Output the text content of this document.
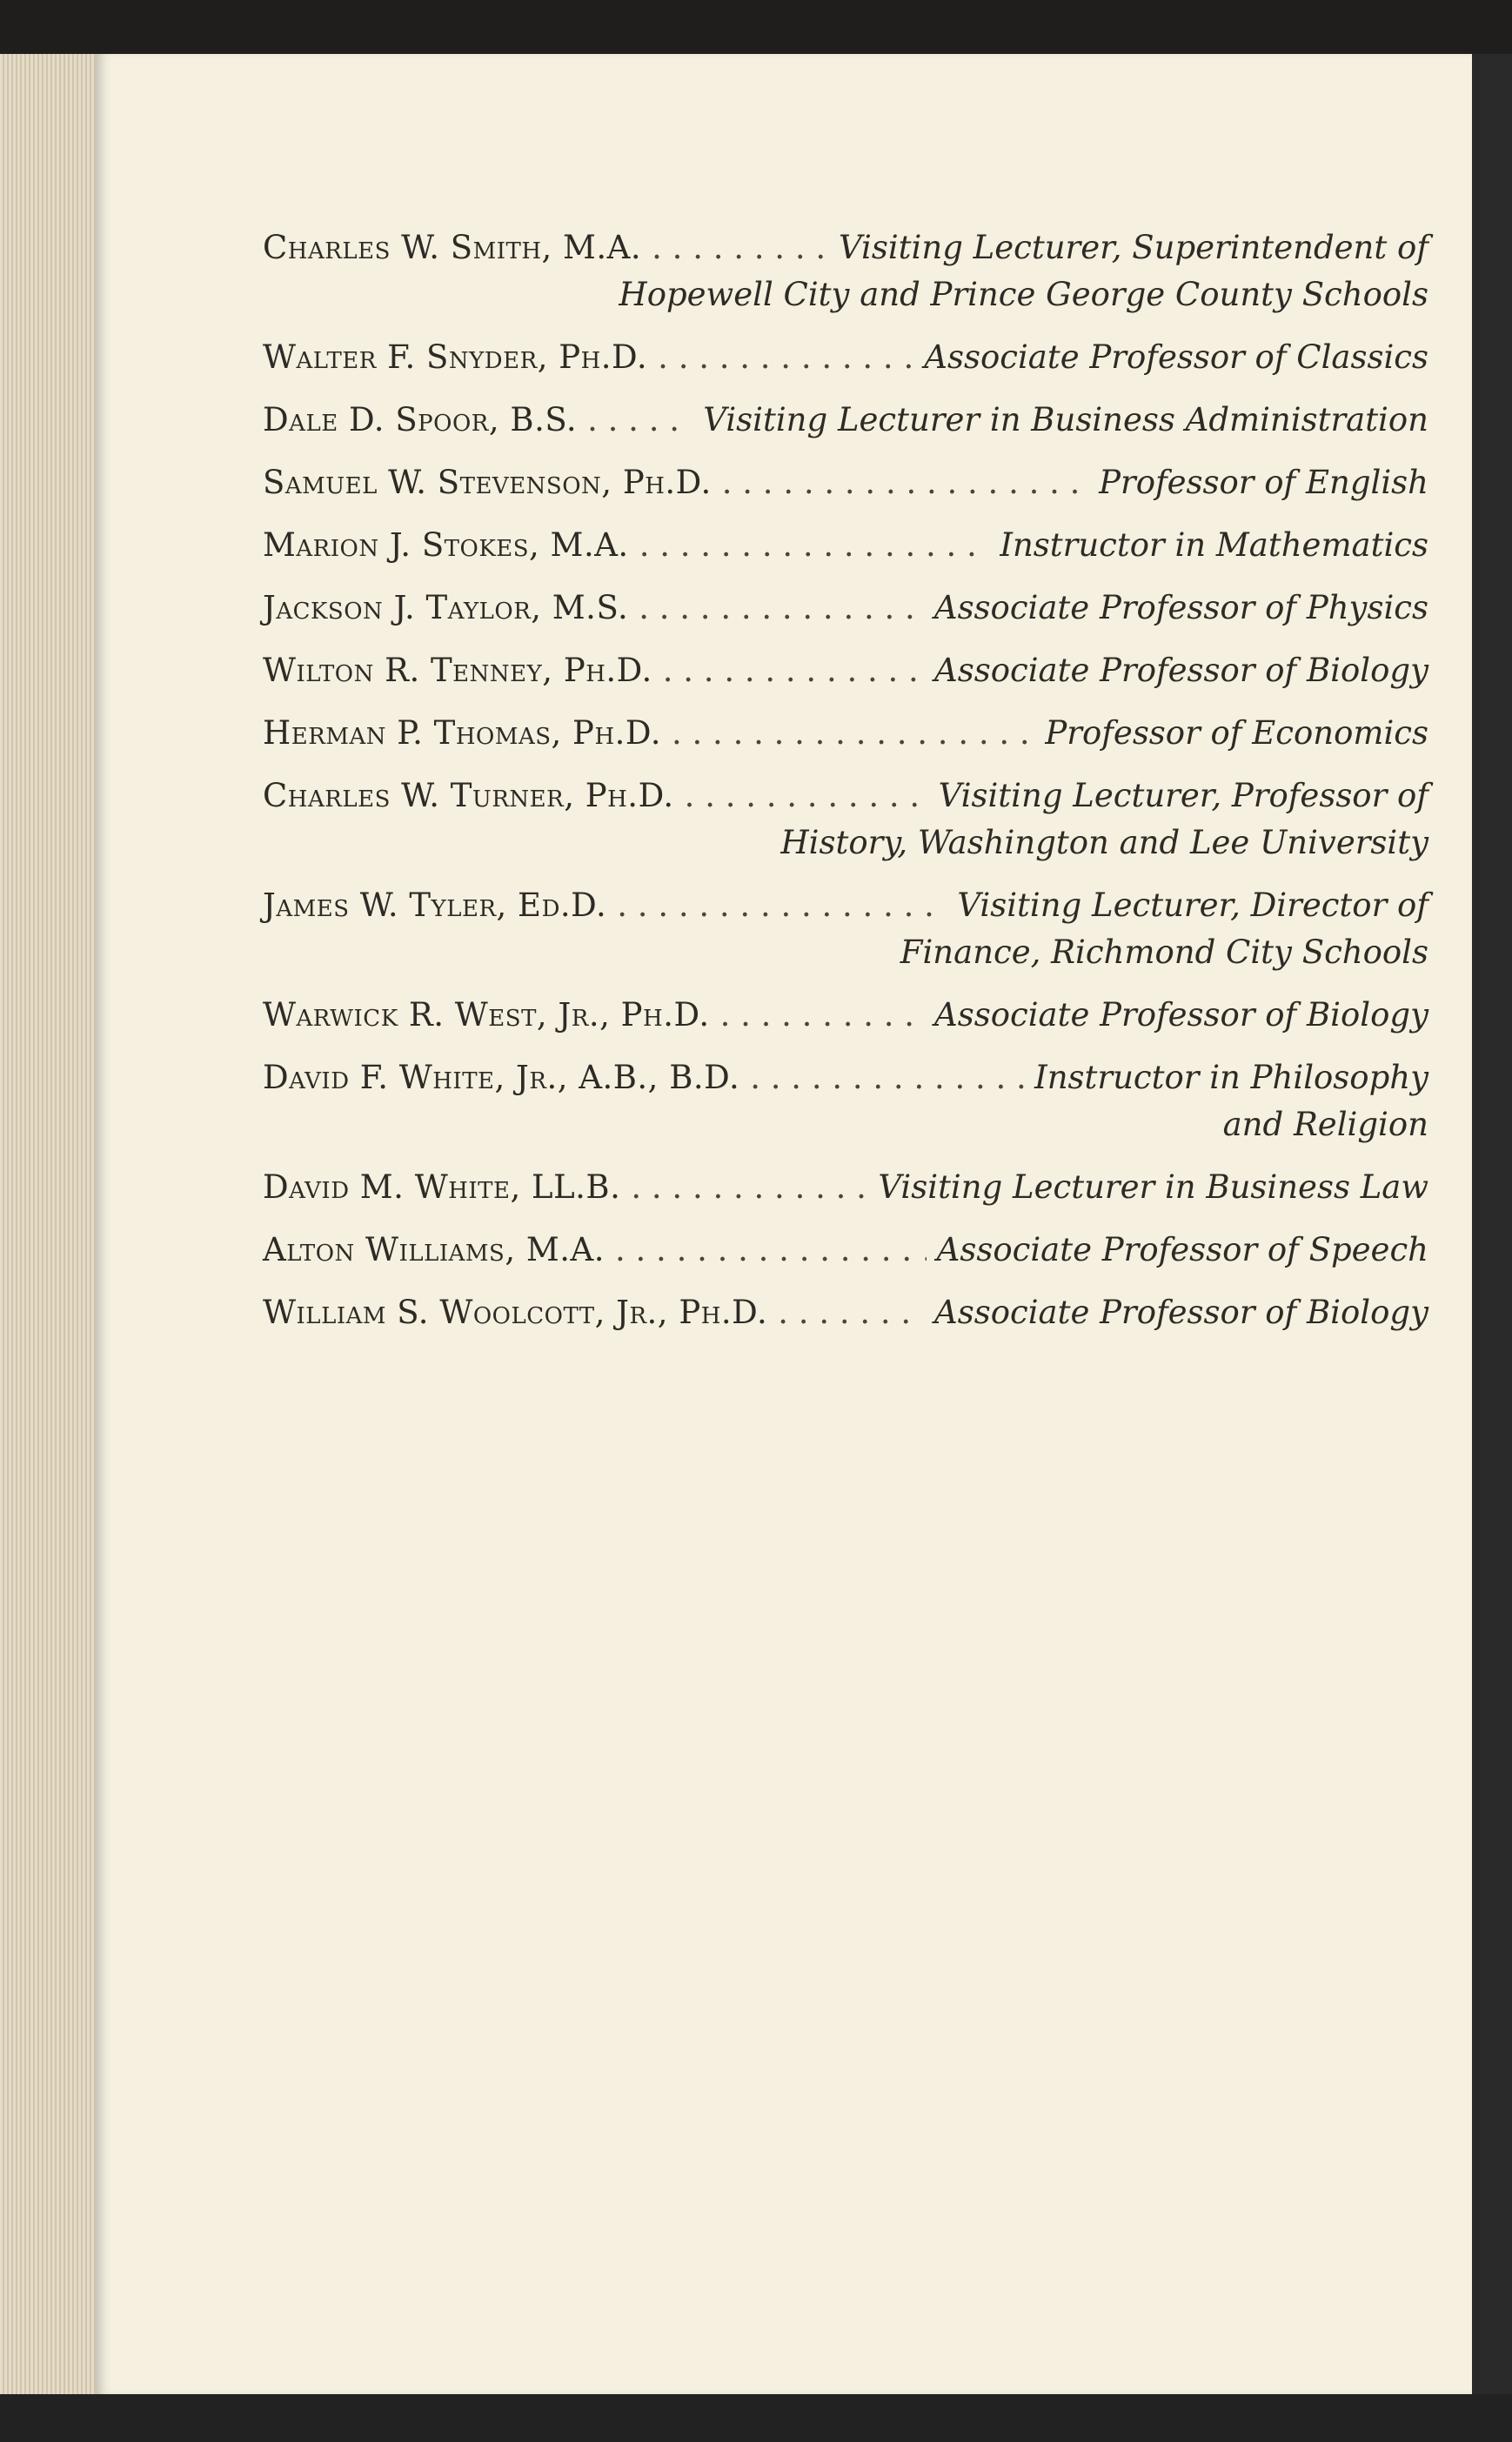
Charles W. Smith, M.A. . . .	Visiting Lecturer, Superintendent of
Hopewell City and Prince George County Schools
Walter F. Snyder, Ph.D. . . .	Associate Professor of Classics
Dale D. Spoor, B.S. . . .	Visiting Lecturer in Business Administration
Samuel W. Stevenson, Ph.D. . . .	Professor of English
Marion J. Stokes, M.A. . . .	Instructor in Mathematics
Jackson J. Taylor, M.S. . . .	Associate Professor of Physics
Wilton R. Tenney, Ph.D. . . .	Associate Professor of Biology
Herman P. Thomas, Ph.D. . . .	Professor of Economics
Charles W. Turner, Ph.D. . . .	Visiting Lecturer, Professor of
History, Washington and Lee University
James W. Tyler, Ed.D. . . .	Visiting Lecturer, Director of
Finance, Richmond City Schools
Warwick R. West, Jr., Ph.D. . . .	Associate Professor of Biology
David F. White, Jr., A.B., B.D. . . .	Instructor in Philosophy
and Religion
David M. White, LL.B. . . .	Visiting Lecturer in Business Law
Alton Williams, M.A. . . .	Associate Professor of Speech
William S. Woolcott, Jr., Ph.D. . . .	Associate Professor of Biology
